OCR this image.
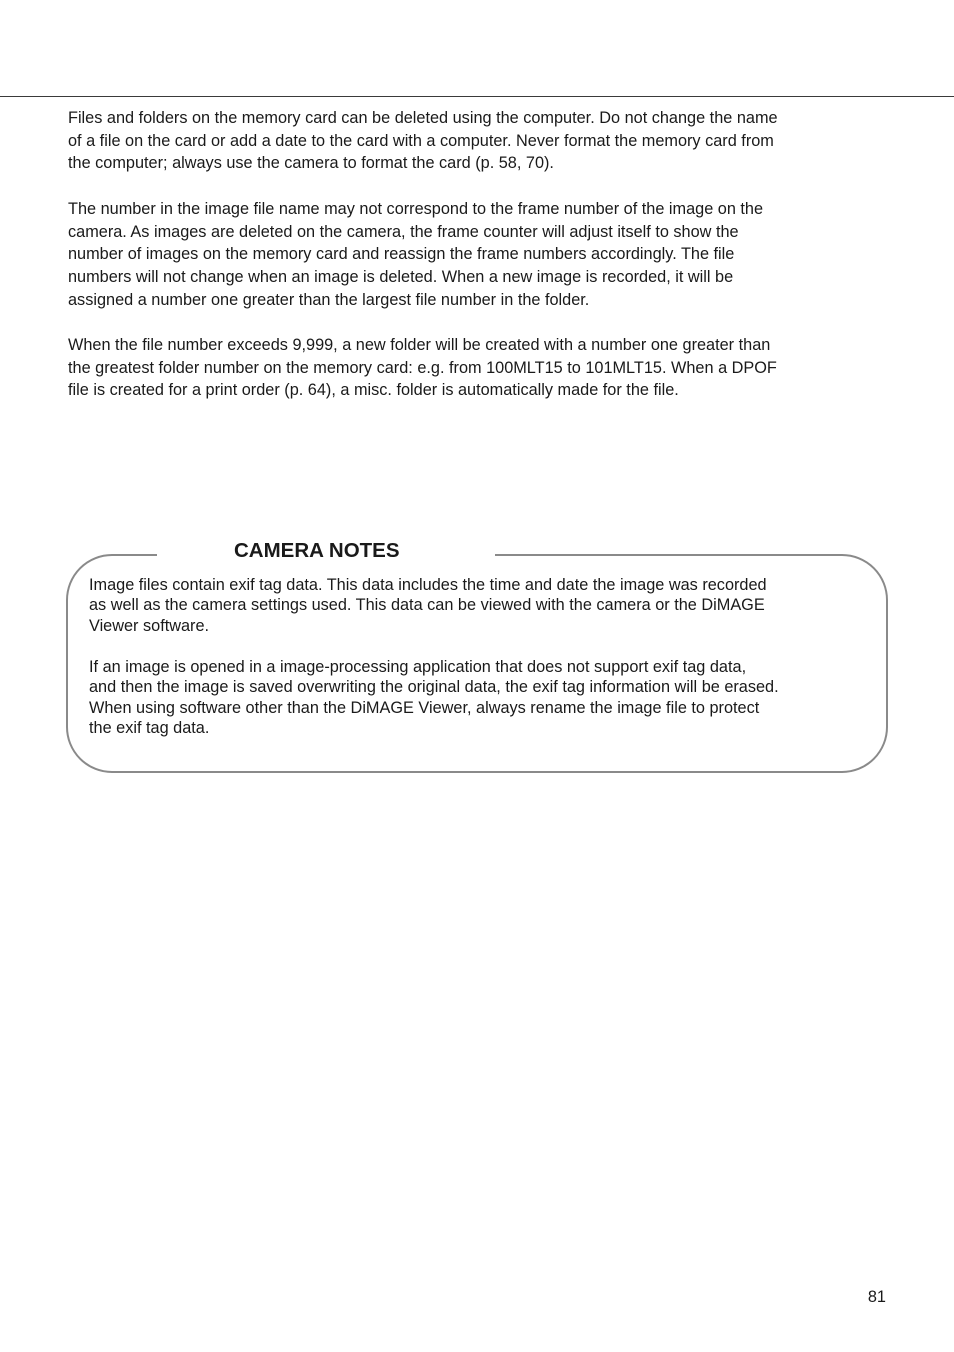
Files and folders on the memory card can be deleted using the computer. Do not change the name
of a file on the card or add a date to the card with a computer. Never format the memory card from
the computer; always use the camera to format the card (p. 58, 70).

The number in the image file name may not correspond to the frame number of the image on the
camera. As images are deleted on the camera, the frame counter will adjust itself to show the
number of images on the memory card and reassign the frame numbers accordingly. The file
numbers will not change when an image is deleted. When a new image is recorded, it will be
assigned a number one greater than the largest file number in the folder.

When the file number exceeds 9,999, a new folder will be created with a number one greater than
the greatest folder number on the memory card: e.g. from 100MLT15 to 101MLT15. When a DPOF
file is created for a print order (p. 64), a misc. folder is automatically made for the file.

CAMERA NOTES

Image files contain exif tag data. This data includes the time and date the image was recorded
as well as the camera settings used. This data can be viewed with the camera or the DiMAGE
Viewer software.

If an image is opened in a image-processing application that does not support exif tag data,
and then the image is saved overwriting the original data, the exif tag information will be erased.
When using software other than the DiMAGE Viewer, always rename the image file to protect
the exif tag data.

81
